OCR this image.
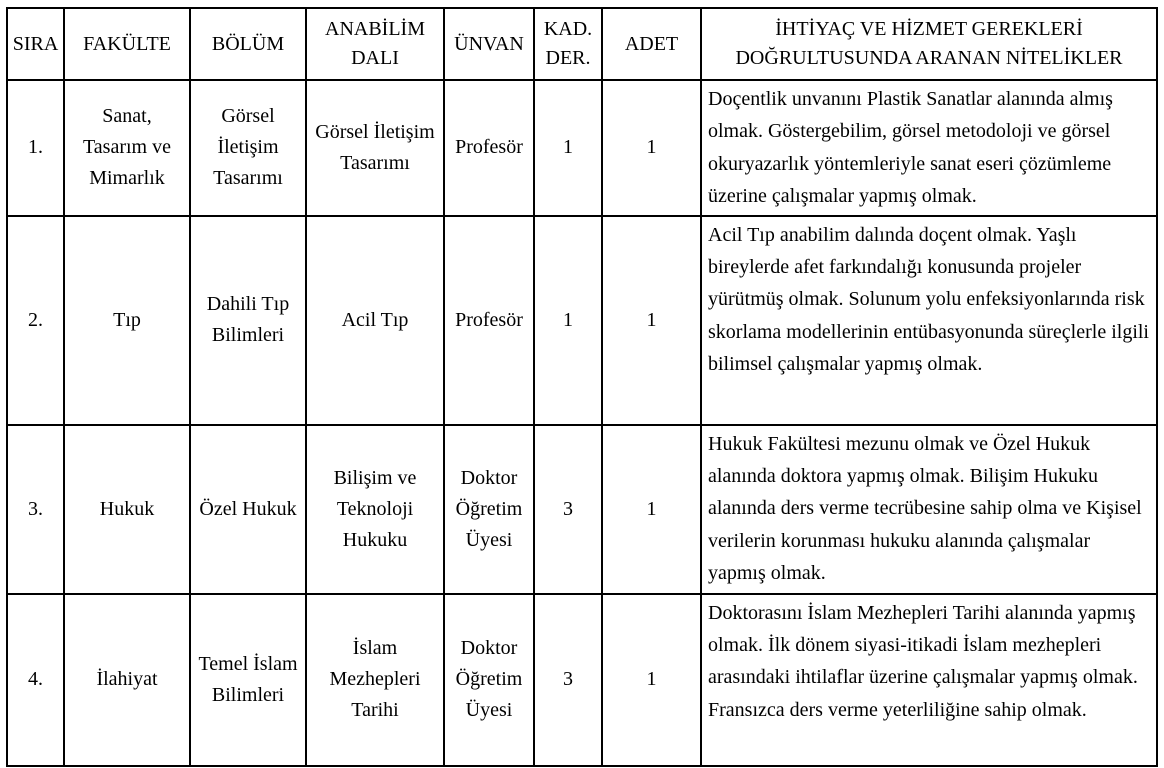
SIRA	FAKÜLTE	BÖLÜM	ANABİLİM DALI	ÜNVAN	KAD. DER.	ADET	İHTİYAÇ VE HİZMET GEREKLERİ DOĞRULTUSUNDA ARANAN NİTELİKLER
1.	Sanat, Tasarım ve Mimarlık	Görsel İletişim Tasarımı	Görsel İletişim Tasarımı	Profesör	1	1	Doçentlik unvanını Plastik Sanatlar alanında almış olmak. Göstergebilim, görsel metodoloji ve görsel okuryazarlık yöntemleriyle sanat eseri çözümleme üzerine çalışmalar yapmış olmak.
2.	Tıp	Dahili Tıp Bilimleri	Acil Tıp	Profesör	1	1	Acil Tıp anabilim dalında doçent olmak. Yaşlı bireylerde afet farkındalığı konusunda projeler yürütmüş olmak. Solunum yolu enfeksiyonlarında risk skorlama modellerinin entübasyonunda süreçlerle ilgili bilimsel çalışmalar yapmış olmak.
3.	Hukuk	Özel Hukuk	Bilişim ve Teknoloji Hukuku	Doktor Öğretim Üyesi	3	1	Hukuk Fakültesi mezunu olmak ve Özel Hukuk alanında doktora yapmış olmak. Bilişim Hukuku alanında ders verme tecrübesine sahip olma ve Kişisel verilerin korunması hukuku alanında çalışmalar yapmış olmak.
4.	İlahiyat	Temel İslam Bilimleri	İslam Mezhepleri Tarihi	Doktor Öğretim Üyesi	3	1	Doktorasını İslam Mezhepleri Tarihi alanında yapmış olmak. İlk dönem siyasi-itikadi İslam mezhepleri arasındaki ihtilaflar üzerine çalışmalar yapmış olmak. Fransızca ders verme yeterliliğine sahip olmak.
